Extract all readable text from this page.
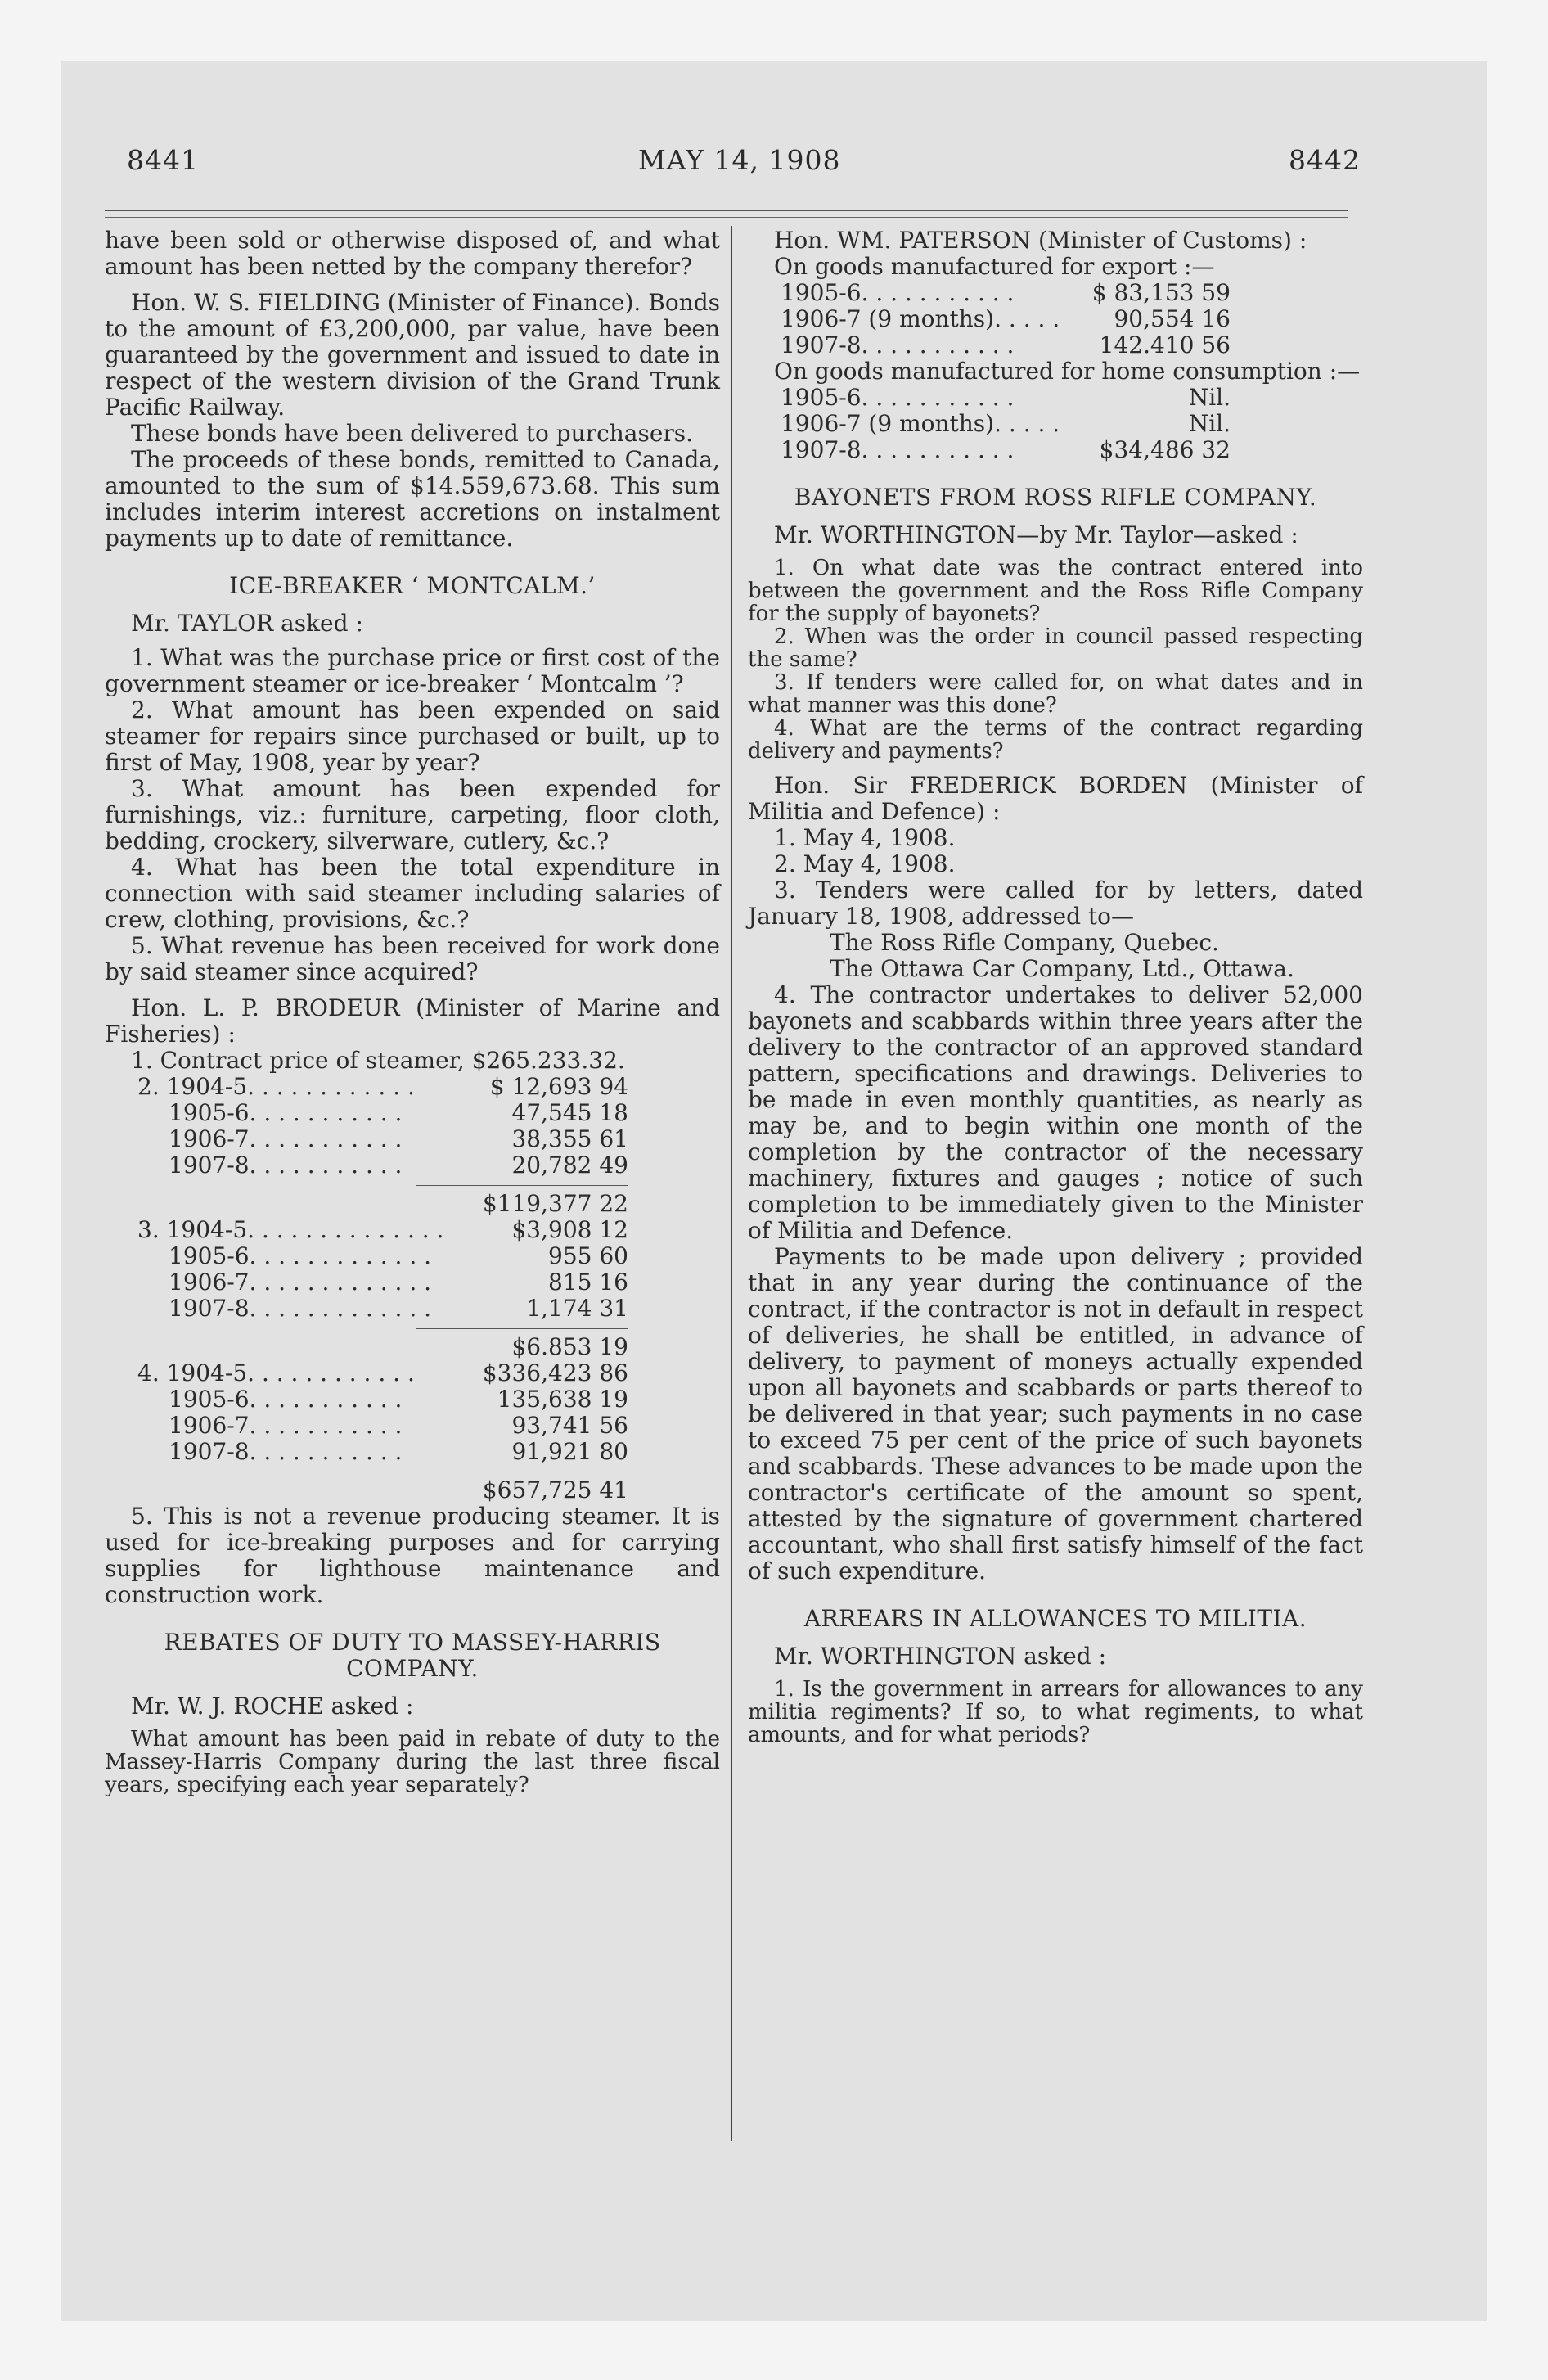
8441	MAY 14, 1908	8442

have been sold or otherwise disposed of, and what amount has been netted by the company therefor?

Hon. W. S. FIELDING (Minister of Finance). Bonds to the amount of £3,200,000, par value, have been guaranteed by the government and issued to date in respect of the western division of the Grand Trunk Pacific Railway.

These bonds have been delivered to purchasers.

The proceeds of these bonds, remitted to Canada, amounted to the sum of $14.559,673.68. This sum includes interim interest accretions on instalment payments up to date of remittance.

ICE-BREAKER ‘ MONTCALM.’

Mr. TAYLOR asked :

1. What was the purchase price or first cost of the government steamer or ice-breaker ‘ Montcalm ’?

2. What amount has been expended on said steamer for repairs since purchased or built, up to first of May, 1908, year by year?

3. What amount has been expended for furnishings, viz.: furniture, carpeting, floor cloth, bedding, crockery, silverware, cutlery, &c.?

4. What has been the total expenditure in connection with said steamer including salaries of crew, clothing, provisions, &c.?

5. What revenue has been received for work done by said steamer since acquired?

Hon. L. P. BRODEUR (Minister of Marine and Fisheries) :

1. Contract price of steamer, $265.233.32.

2. 1904-5. . . . . . . . . . . .	$ 12,693 94
1905-6. . . . . . . . . . .	47,545 18
1906-7. . . . . . . . . . .	38,355 61
1907-8. . . . . . . . . . .	20,782 49
$119,377 22
3. 1904-5. . . . . . . . . . . . . .	$3,908 12
1905-6. . . . . . . . . . . . .	955 60
1906-7. . . . . . . . . . . . .	815 16
1907-8. . . . . . . . . . . . .	1,174 31
$6.853 19
4. 1904-5. . . . . . . . . . . .	$336,423 86
1905-6. . . . . . . . . . .	135,638 19
1906-7. . . . . . . . . . .	93,741 56
1907-8. . . . . . . . . . .	91,921 80
$657,725 41

5. This is not a revenue producing steamer. It is used for ice-breaking purposes and for carrying supplies for lighthouse maintenance and construction work.

REBATES OF DUTY TO MASSEY-HARRIS COMPANY.

Mr. W. J. ROCHE asked :

What amount has been paid in rebate of duty to the Massey-Harris Company during the last three fiscal years, specifying each year separately?

Hon. WM. PATERSON (Minister of Customs) :

On goods manufactured for export :—

1905-6. . . . . . . . . . .	$ 83,153 59
1906-7 (9 months). . . . .	90,554 16
1907-8. . . . . . . . . . .	142.410 56

On goods manufactured for home consumption :—

1905-6. . . . . . . . . . .	Nil.
1906-7 (9 months). . . . .	Nil.
1907-8. . . . . . . . . . .	$34,486 32

BAYONETS FROM ROSS RIFLE COMPANY.

Mr. WORTHINGTON—by Mr. Taylor—asked :

1. On what date was the contract entered into between the government and the Ross Rifle Company for the supply of bayonets?

2. When was the order in council passed respecting the same?

3. If tenders were called for, on what dates and in what manner was this done?

4. What are the terms of the contract regarding delivery and payments?

Hon. Sir FREDERICK BORDEN (Minister of Militia and Defence) :

1. May 4, 1908.

2. May 4, 1908.

3. Tenders were called for by letters, dated January 18, 1908, addressed to—

The Ross Rifle Company, Quebec.

The Ottawa Car Company, Ltd., Ottawa.

4. The contractor undertakes to deliver 52,000 bayonets and scabbards within three years after the delivery to the contractor of an approved standard pattern, specifications and drawings. Deliveries to be made in even monthly quantities, as nearly as may be, and to begin within one month of the completion by the contractor of the necessary machinery, fixtures and gauges ; notice of such completion to be immediately given to the Minister of Militia and Defence.

Payments to be made upon delivery ; provided that in any year during the continuance of the contract, if the contractor is not in default in respect of deliveries, he shall be entitled, in advance of delivery, to payment of moneys actually expended upon all bayonets and scabbards or parts thereof to be delivered in that year; such payments in no case to exceed 75 per cent of the price of such bayonets and scabbards. These advances to be made upon the contractor's certificate of the amount so spent, attested by the signature of government chartered accountant, who shall first satisfy himself of the fact of such expenditure.

ARREARS IN ALLOWANCES TO MILITIA.

Mr. WORTHINGTON asked :

1. Is the government in arrears for allowances to any militia regiments? If so, to what regiments, to what amounts, and for what periods?
